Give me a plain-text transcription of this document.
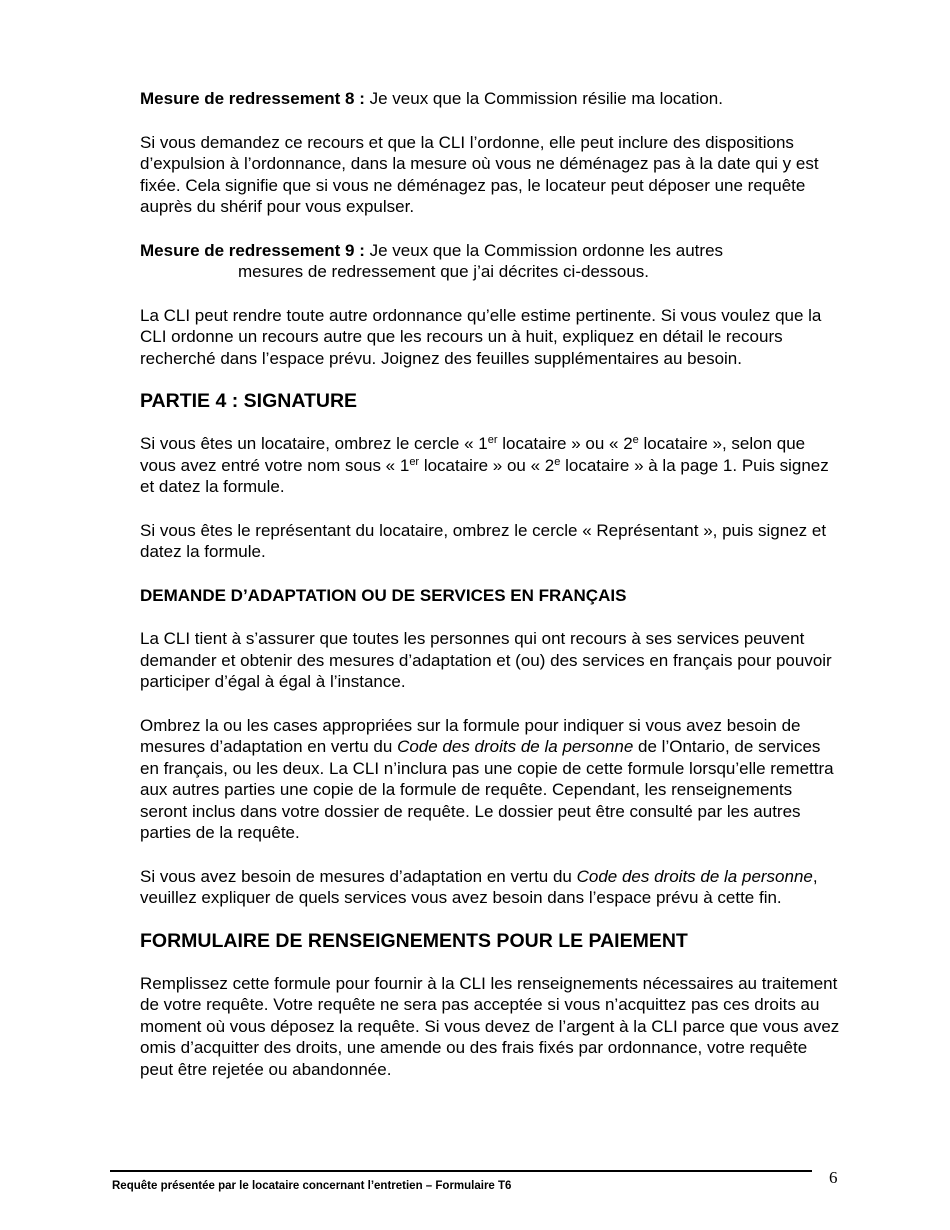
Mesure de redressement 8 : Je veux que la Commission résilie ma location.

Si vous demandez ce recours et que la CLI l’ordonne, elle peut inclure des dispositions d’expulsion à l’ordonnance, dans la mesure où vous ne déménagez pas à la date qui y est fixée. Cela signifie que si vous ne déménagez pas, le locateur peut déposer une requête auprès du shérif pour vous expulser.

Mesure de redressement 9 : Je veux que la Commission ordonne les autres
mesures de redressement que j’ai décrites ci-dessous.

La CLI peut rendre toute autre ordonnance qu’elle estime pertinente. Si vous voulez que la CLI ordonne un recours autre que les recours un à huit, expliquez en détail le recours recherché dans l’espace prévu. Joignez des feuilles supplémentaires au besoin.

PARTIE 4 : SIGNATURE

Si vous êtes un locataire, ombrez le cercle « 1er locataire » ou « 2e locataire », selon que vous avez entré votre nom sous « 1er locataire » ou « 2e locataire » à la page 1. Puis signez et datez la formule.

Si vous êtes le représentant du locataire, ombrez le cercle « Représentant », puis signez et datez la formule.

DEMANDE D’ADAPTATION OU DE SERVICES EN FRANÇAIS

La CLI tient à s’assurer que toutes les personnes qui ont recours à ses services peuvent demander et obtenir des mesures d’adaptation et (ou) des services en français pour pouvoir participer d’égal à égal à l’instance.

Ombrez la ou les cases appropriées sur la formule pour indiquer si vous avez besoin de mesures d’adaptation en vertu du Code des droits de la personne de l’Ontario, de services en français, ou les deux. La CLI n’inclura pas une copie de cette formule lorsqu’elle remettra aux autres parties une copie de la formule de requête. Cependant, les renseignements seront inclus dans votre dossier de requête. Le dossier peut être consulté par les autres parties de la requête.

Si vous avez besoin de mesures d’adaptation en vertu du Code des droits de la personne, veuillez expliquer de quels services vous avez besoin dans l’espace prévu à cette fin.

FORMULAIRE DE RENSEIGNEMENTS POUR LE PAIEMENT

Remplissez cette formule pour fournir à la CLI les renseignements nécessaires au traitement de votre requête. Votre requête ne sera pas acceptée si vous n’acquittez pas ces droits au moment où vous déposez la requête. Si vous devez de l’argent à la CLI parce que vous avez omis d’acquitter des droits, une amende ou des frais fixés par ordonnance, votre requête peut être rejetée ou abandonnée.

Requête présentée par le locataire concernant l’entretien – Formulaire T6	6
